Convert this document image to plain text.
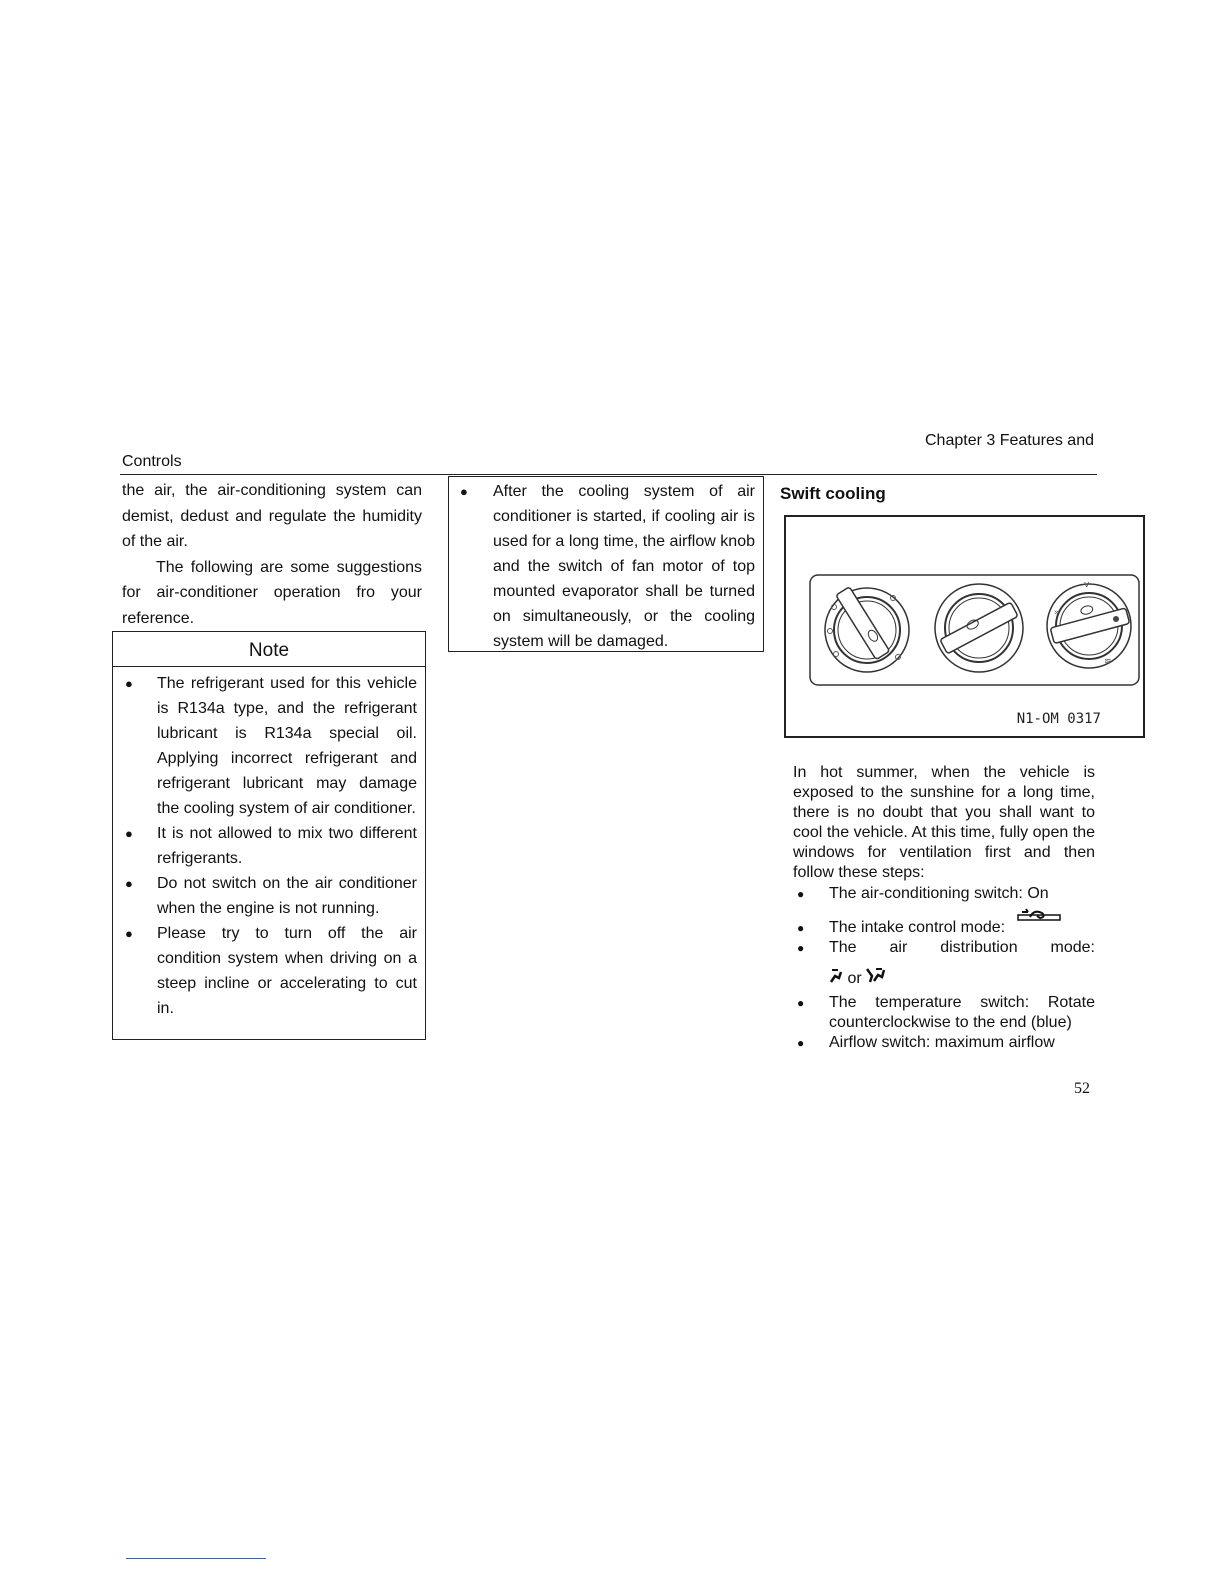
Chapter 3 Features and
Controls

the air, the air-conditioning system can demist, dedust and regulate the humidity of the air.

The following are some suggestions for air-conditioner operation fro your reference.

Note
● The refrigerant used for this vehicle is R134a type, and the refrigerant lubricant is R134a special oil. Applying incorrect refrigerant and refrigerant lubricant may damage the cooling system of air conditioner.
● It is not allowed to mix two different refrigerants.
● Do not switch on the air conditioner when the engine is not running.
● Please try to turn off the air condition system when driving on a steep incline or accelerating to cut in.
● After the cooling system of air conditioner is started, if cooling air is used for a long time, the airflow knob and the switch of fan motor of top mounted evaporator shall be turned on simultaneously, or the cooling system will be damaged.
Swift cooling
v
»
≋
N1-OM 0317

In hot summer, when the vehicle is exposed to the sunshine for a long time, there is no doubt that you shall want to cool the vehicle. At this time, fully open the windows for ventilation first and then follow these steps:

● The air-conditioning switch: On
● The intake control mode:
● The air distribution mode:
or
● The temperature switch: Rotate counterclockwise to the end (blue)
● Airflow switch: maximum airflow
52
